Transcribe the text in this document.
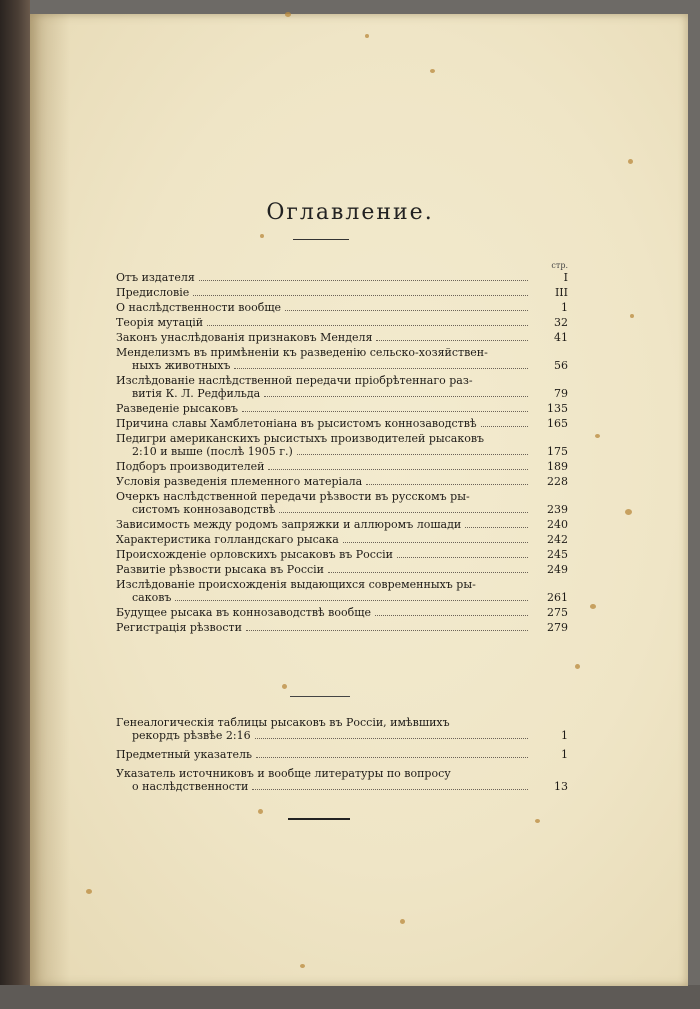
Оглавление.
стр.
Отъ издателя	I
Предисловіе	III
О наслѣдственности вообще	1
Теорія мутацій	32
Законъ унаслѣдованія признаковъ Менделя	41
Менделизмъ въ примѣненіи къ разведенію сельско-хозяйствен-
ныхъ животныхъ	56
Изслѣдованіе наслѣдственной передачи пріобрѣтеннаго раз-
витія К. Л. Редфильда	79
Разведеніе рысаковъ	135
Причина славы Хамблетоніана въ рысистомъ коннозаводствѣ	165
Педигри американскихъ рысистыхъ производителей рысаковъ
2:10 и выше (послѣ 1905 г.)	175
Подборъ производителей	189
Условія разведенія племенного матеріала	228
Очеркъ наслѣдственной передачи рѣзвости въ русскомъ ры-
систомъ коннозаводствѣ	239
Зависимость между родомъ запряжки и аллюромъ лошади	240
Характеристика голландскаго рысака	242
Происхожденіе орловскихъ рысаковъ въ Россіи	245
Развитіе рѣзвости рысака въ Россіи	249
Изслѣдованіе происхожденія выдающихся современныхъ ры-
саковъ	261
Будущее рысака въ коннозаводствѣ вообще	275
Регистрація рѣзвости	279
Генеалогическія таблицы рысаковъ въ Россіи, имѣвшихъ
рекордъ рѣзвѣе 2:16	1
Предметный указатель	1
Указатель источниковъ и вообще литературы по вопросу
о наслѣдственности	13
